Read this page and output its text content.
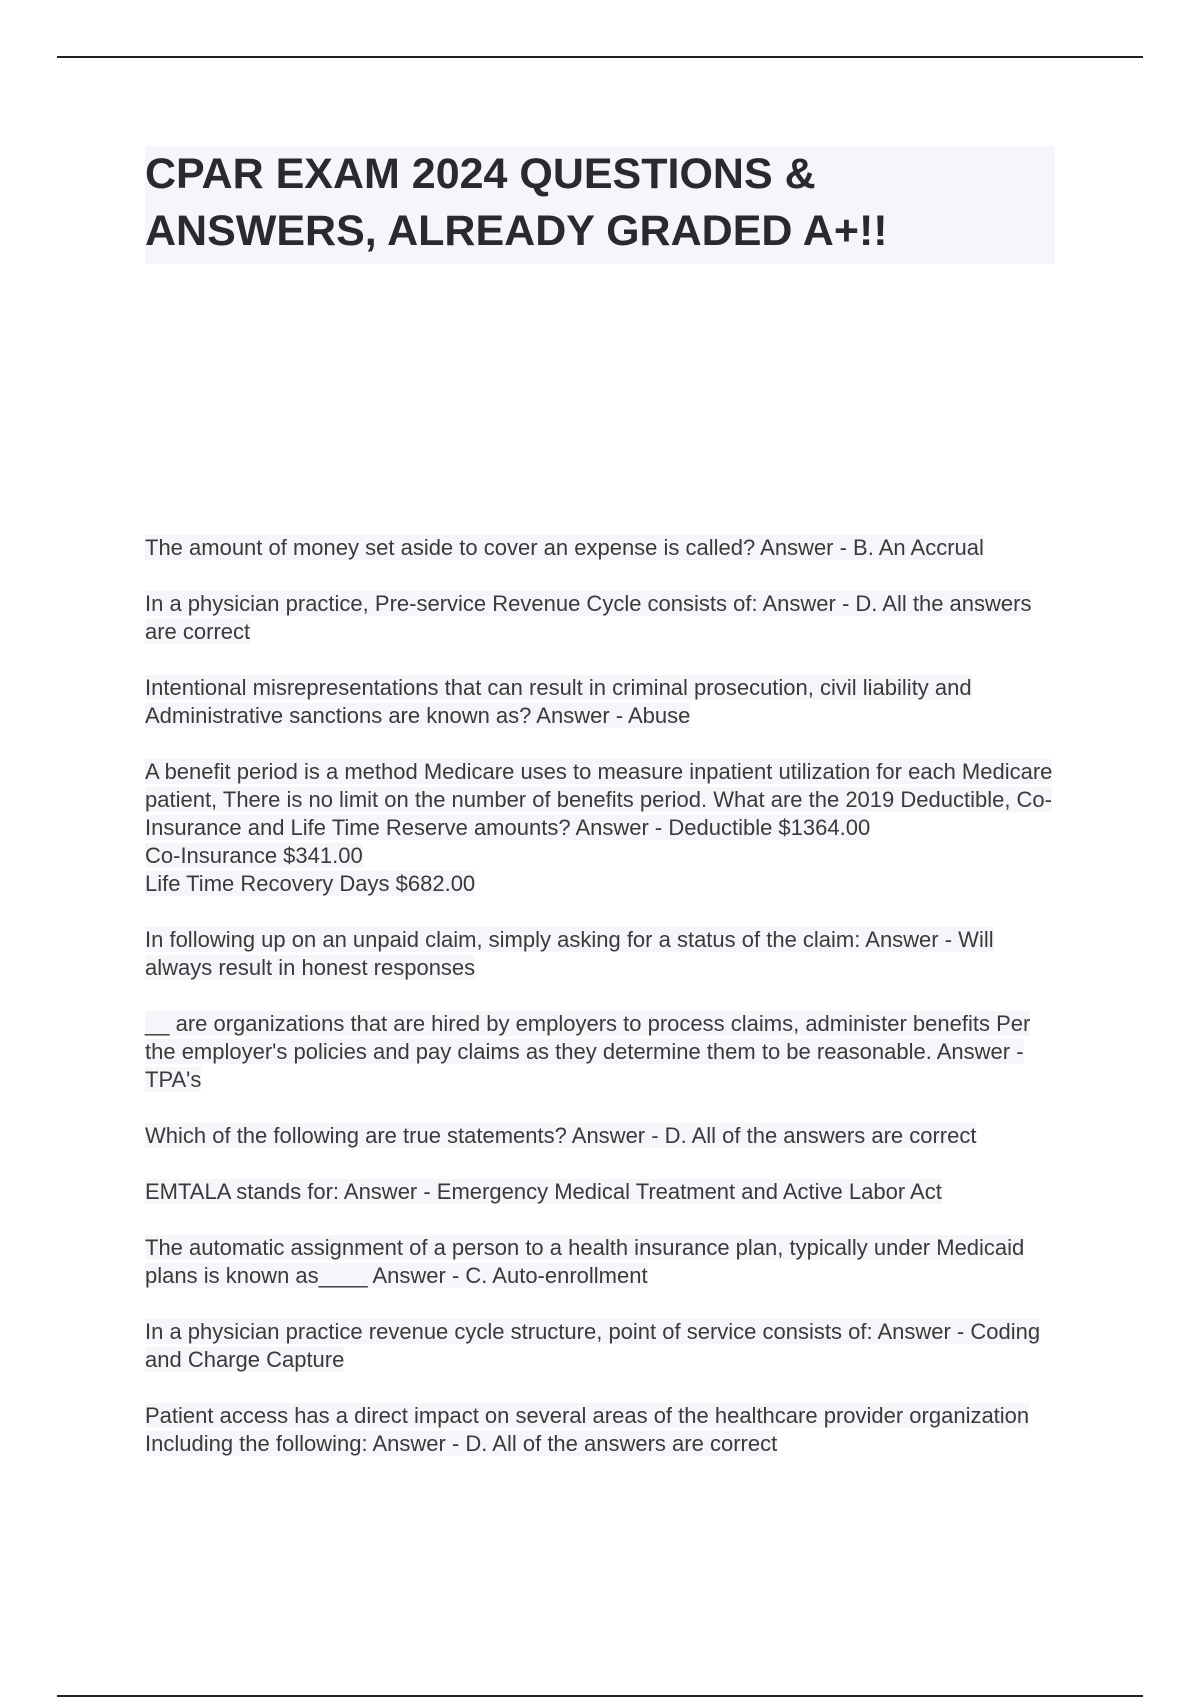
CPAR EXAM 2024 QUESTIONS & ANSWERS, ALREADY GRADED A+!!

The amount of money set aside to cover an expense is called? Answer - B. An Accrual

In a physician practice, Pre-service Revenue Cycle consists of: Answer - D. All the answers are correct

Intentional misrepresentations that can result in criminal prosecution, civil liability and Administrative sanctions are known as? Answer - Abuse

A benefit period is a method Medicare uses to measure inpatient utilization for each Medicare patient, There is no limit on the number of benefits period. What are the 2019 Deductible, Co-Insurance and Life Time Reserve amounts? Answer - Deductible $1364.00
Co-Insurance $341.00
Life Time Recovery Days $682.00

In following up on an unpaid claim, simply asking for a status of the claim: Answer - Will always result in honest responses

__ are organizations that are hired by employers to process claims, administer benefits Per the employer's policies and pay claims as they determine them to be reasonable. Answer - TPA's

Which of the following are true statements? Answer - D. All of the answers are correct

EMTALA stands for: Answer - Emergency Medical Treatment and Active Labor Act

The automatic assignment of a person to a health insurance plan, typically under Medicaid plans is known as____ Answer - C. Auto-enrollment

In a physician practice revenue cycle structure, point of service consists of: Answer - Coding and Charge Capture

Patient access has a direct impact on several areas of the healthcare provider organization Including the following: Answer - D. All of the answers are correct
